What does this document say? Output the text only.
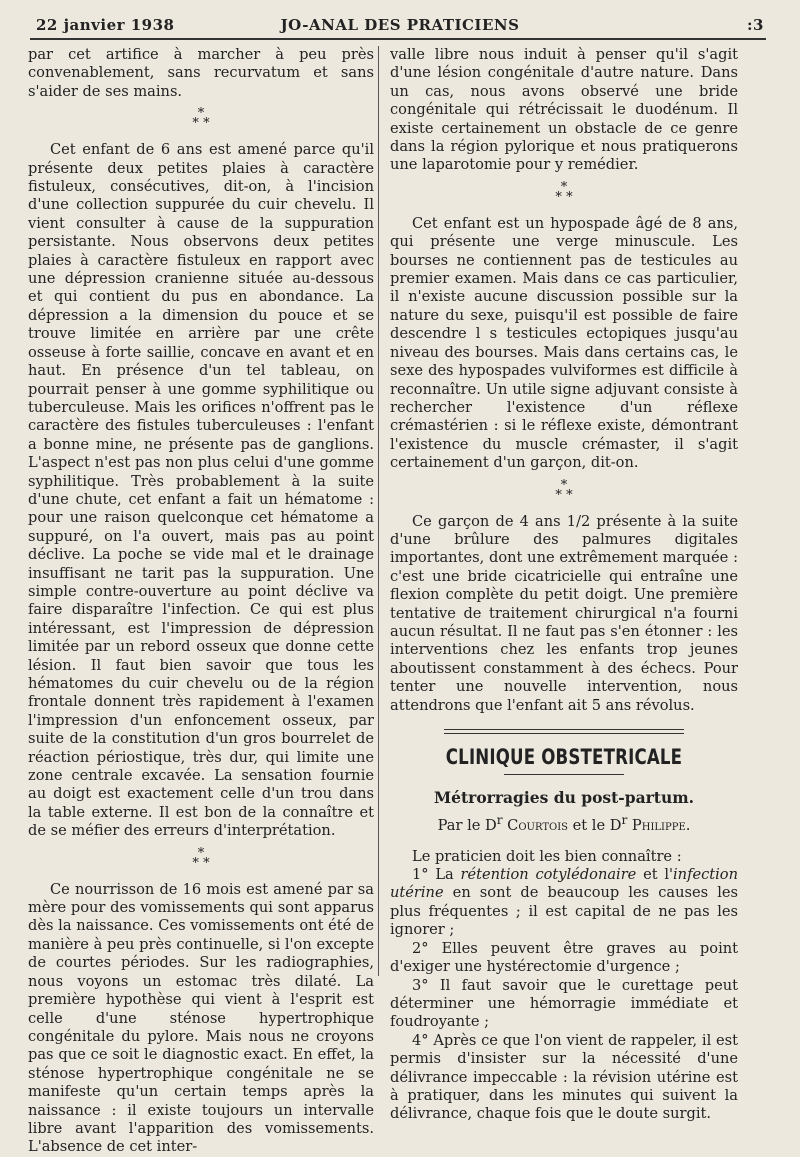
22 janvier 1938	JO-ANAL DES PRATICIENS	:3

par cet artifice à marcher à peu près convenablement, sans recurvatum et sans s'aider de ses mains.

*
* *

Cet enfant de 6 ans est amené parce qu'il présente deux petites plaies à caractère fistuleux, consécutives, dit-on, à l'incision d'une collection suppurée du cuir chevelu. Il vient consulter à cause de la suppuration persistante. Nous observons deux petites plaies à caractère fistuleux en rapport avec une dépression cranienne située au-dessous et qui contient du pus en abondance. La dépression a la dimension du pouce et se trouve limitée en arrière par une crête osseuse à forte saillie, concave en avant et en haut. En présence d'un tel tableau, on pourrait penser à une gomme syphilitique ou tuberculeuse. Mais les orifices n'offrent pas le caractère des fistules tuberculeuses : l'enfant a bonne mine, ne présente pas de ganglions. L'aspect n'est pas non plus celui d'une gomme syphilitique. Très probablement à la suite d'une chute, cet enfant a fait un hématome : pour une raison quelconque cet hématome a suppuré, on l'a ouvert, mais pas au point déclive. La poche se vide mal et le drainage insuffisant ne tarit pas la suppuration. Une simple contre-ouverture au point déclive va faire disparaître l'infection. Ce qui est plus intéressant, est l'impression de dépression limitée par un rebord osseux que donne cette lésion. Il faut bien savoir que tous les hématomes du cuir chevelu ou de la région frontale donnent très rapidement à l'examen l'impression d'un enfoncement osseux, par suite de la constitution d'un gros bourrelet de réaction périostique, très dur, qui limite une zone centrale excavée. La sensation fournie au doigt est exactement celle d'un trou dans la table externe. Il est bon de la connaître et de se méfier des erreurs d'interprétation.

*
* *

Ce nourrisson de 16 mois est amené par sa mère pour des vomissements qui sont apparus dès la naissance. Ces vomissements ont été de manière à peu près continuelle, si l'on excepte de courtes périodes. Sur les radiographies, nous voyons un estomac très dilaté. La première hypothèse qui vient à l'esprit est celle d'une sténose hypertrophique congénitale du pylore. Mais nous ne croyons pas que ce soit le diagnostic exact. En effet, la sténose hypertrophique congénitale ne se manifeste qu'un certain temps après la naissance : il existe toujours un intervalle libre avant l'apparition des vomissements. L'absence de cet inter-

valle libre nous induit à penser qu'il s'agit d'une lésion congénitale d'autre nature. Dans un cas, nous avons observé une bride congénitale qui rétrécissait le duodénum. Il existe certainement un obstacle de ce genre dans la région pylorique et nous pratiquerons une laparotomie pour y remédier.

*
* *

Cet enfant est un hypospade âgé de 8 ans, qui présente une verge minuscule. Les bourses ne contiennent pas de testicules au premier examen. Mais dans ce cas particulier, il n'existe aucune discussion possible sur la nature du sexe, puisqu'il est possible de faire descendre l s testicules ectopiques jusqu'au niveau des bourses. Mais dans certains cas, le sexe des hypospades vulviformes est difficile à reconnaître. Un utile signe adjuvant consiste à rechercher l'existence d'un réflexe crémastérien : si le réflexe existe, démontrant l'existence du muscle crémaster, il s'agit certainement d'un garçon, dit-on.

*
* *

Ce garçon de 4 ans 1/2 présente à la suite d'une brûlure des palmures digitales importantes, dont une extrêmement marquée : c'est une bride cicatricielle qui entraîne une flexion complète du petit doigt. Une première tentative de traitement chirurgical n'a fourni aucun résultat. Il ne faut pas s'en étonner : les interventions chez les enfants trop jeunes aboutissent constamment à des échecs. Pour tenter une nouvelle intervention, nous attendrons que l'enfant ait 5 ans révolus.

CLINIQUE OBSTETRICALE
Métrorragies du post-partum.
Par le $D^r$ Courtois et le $D^r$ Philippe.

Le praticien doit les bien connaître :

1° La rétention cotylédonaire et l'infection utérine en sont de beaucoup les causes les plus fréquentes ; il est capital de ne pas les ignorer ;

2° Elles peuvent être graves au point d'exiger une hystérectomie d'urgence ;

3° Il faut savoir que le curettage peut déterminer une hémorragie immédiate et foudroyante ;

4° Après ce que l'on vient de rappeler, il est permis d'insister sur la nécessité d'une délivrance impeccable : la révision utérine est à pratiquer, dans les minutes qui suivent la délivrance, chaque fois que le doute surgit.
